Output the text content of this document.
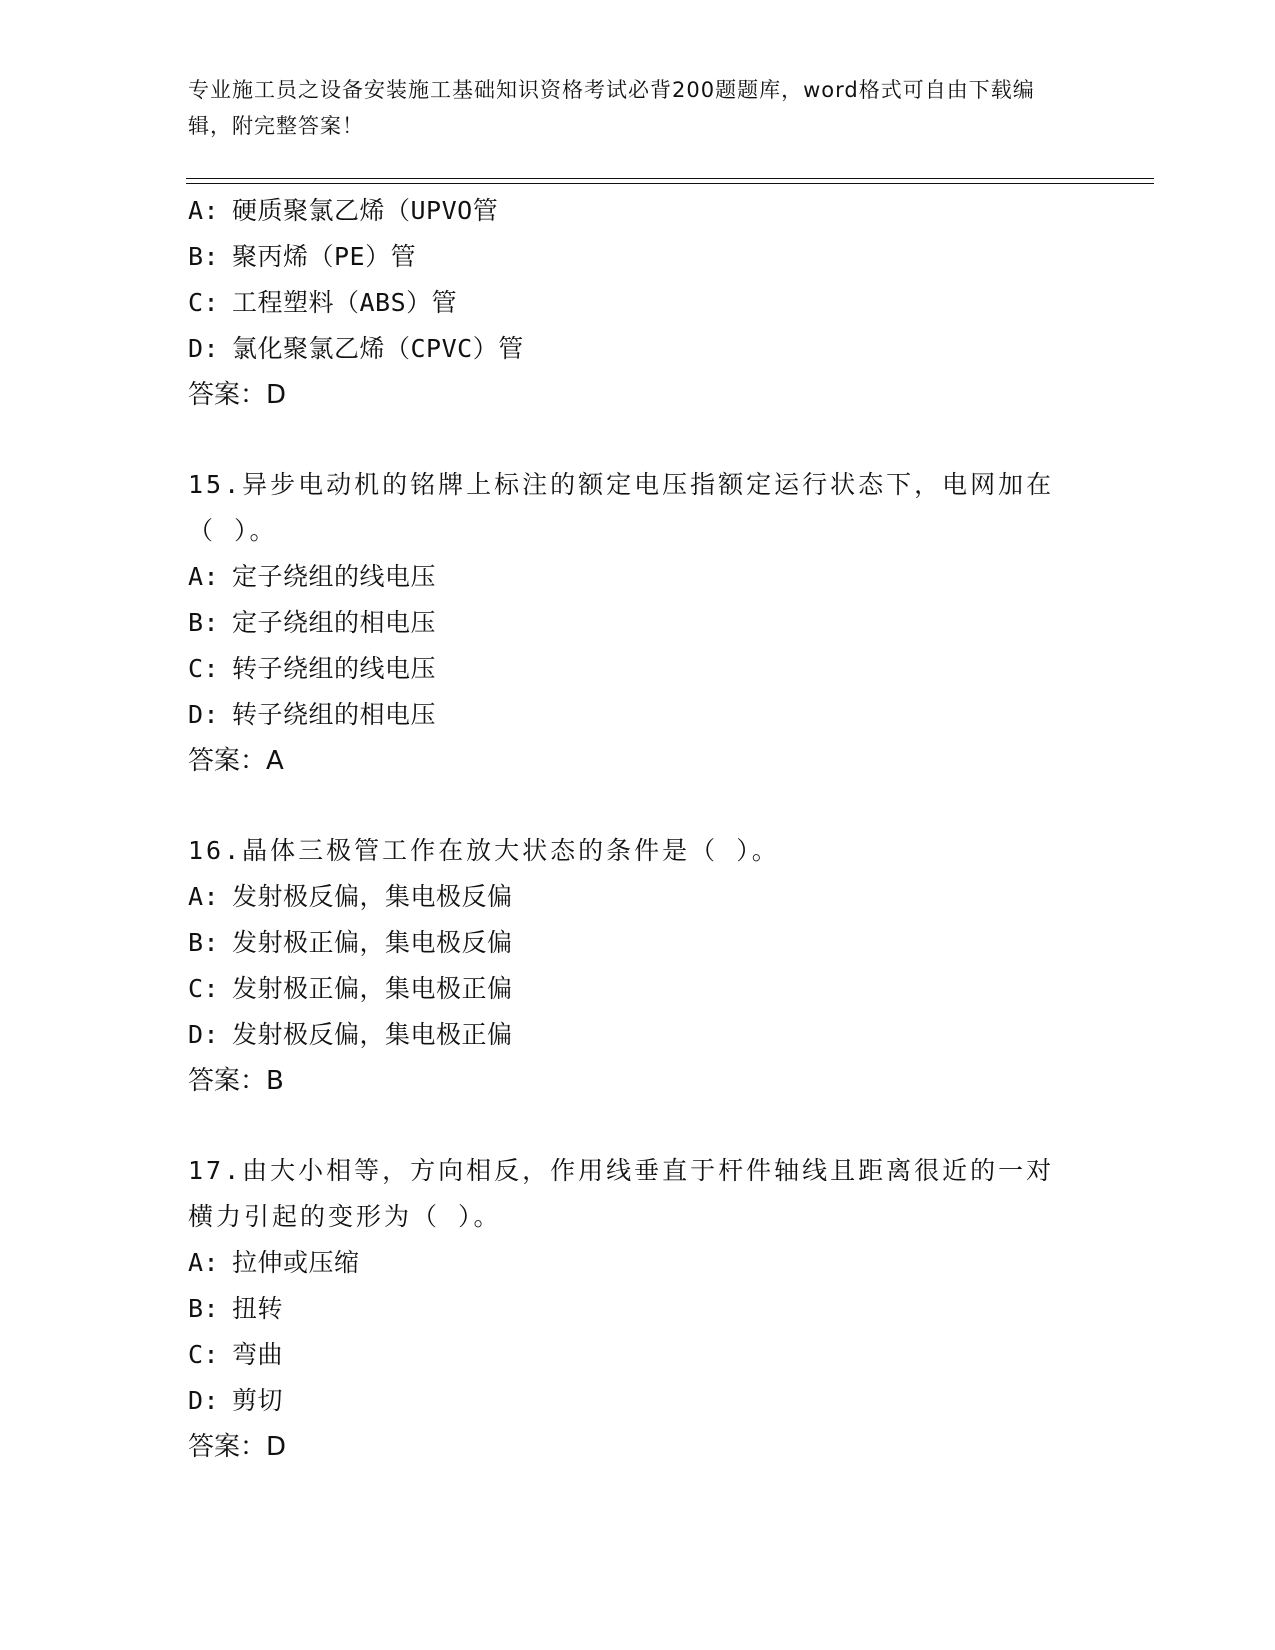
专业施工员之设备安装施工基础知识资格考试必背200题题库，word格式可自由下载编辑，附完整答案！
A: 硬质聚氯乙烯（UPVO管
B: 聚丙烯（PE）管
C: 工程塑料（ABS）管
D: 氯化聚氯乙烯（CPVC）管
答案：D
15.异步电动机的铭牌上标注的额定电压指额定运行状态下，电网加在（ ）。
A: 定子绕组的线电压
B: 定子绕组的相电压
C: 转子绕组的线电压
D: 转子绕组的相电压
答案：A
16.晶体三极管工作在放大状态的条件是（ ）。
A: 发射极反偏，集电极反偏
B: 发射极正偏，集电极反偏
C: 发射极正偏，集电极正偏
D: 发射极反偏，集电极正偏
答案：B
17.由大小相等，方向相反，作用线垂直于杆件轴线且距离很近的一对横力引起的变形为（ ）。
A: 拉伸或压缩
B: 扭转
C: 弯曲
D: 剪切
答案：D
